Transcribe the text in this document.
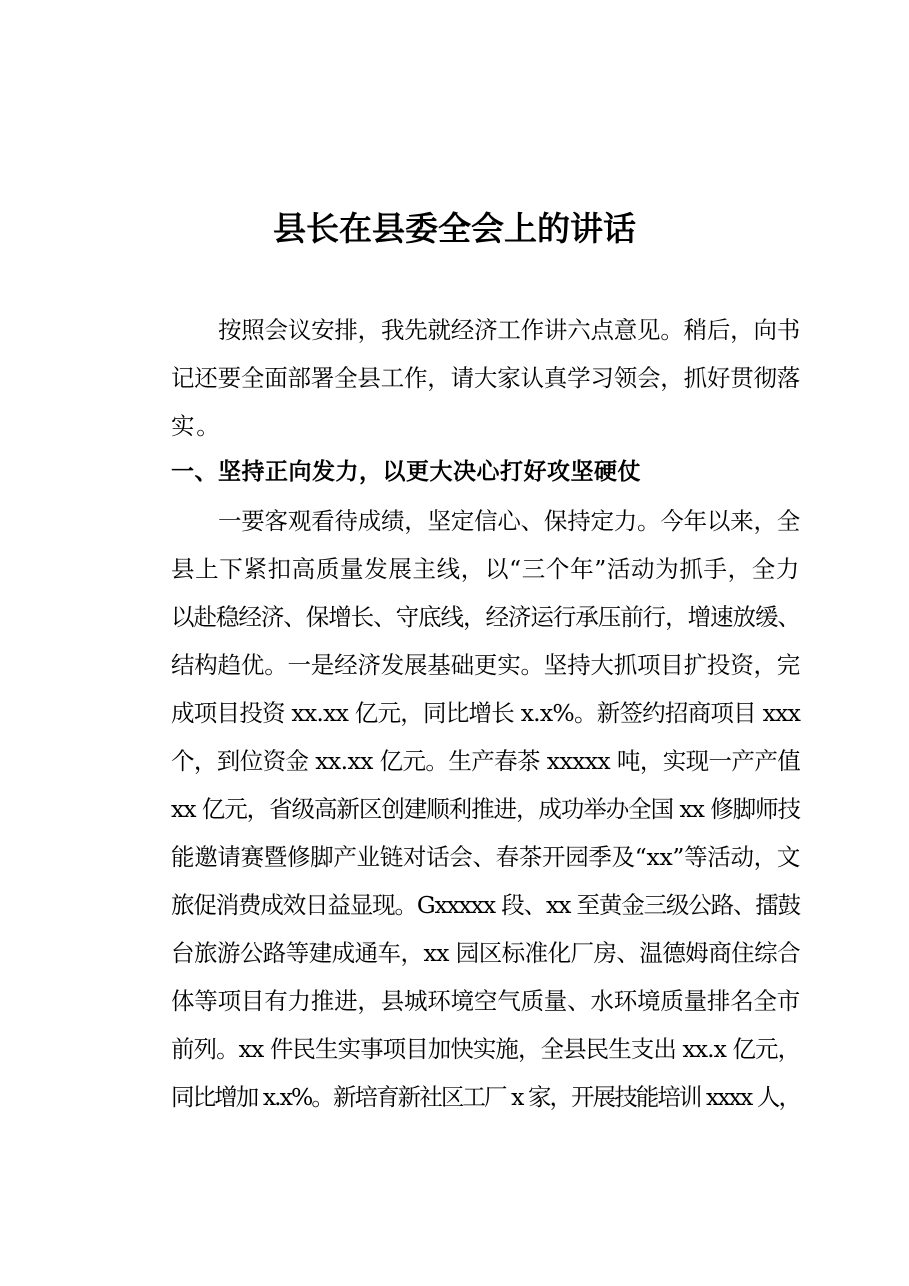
县长在县委全会上的讲话
按照会议安排，我先就经济工作讲六点意见。稍后，向书
记还要全面部署全县工作，请大家认真学习领会，抓好贯彻落
实。
一、坚持正向发力，以更大决心打好攻坚硬仗
一要客观看待成绩，坚定信心、保持定力。今年以来，全
县上下紧扣高质量发展主线，以“三个年”活动为抓手，全力
以赴稳经济、保增长、守底线，经济运行承压前行，增速放缓、
结构趋优。一是经济发展基础更实。坚持大抓项目扩投资，完
成项目投资 xx.xx 亿元，同比增长 x.x%。新签约招商项目 xxx
个，到位资金 xx.xx 亿元。生产春茶 xxxxx 吨，实现一产产值
xx 亿元，省级高新区创建顺利推进，成功举办全国 xx 修脚师技
能邀请赛暨修脚产业链对话会、春茶开园季及“xx”等活动，文
旅促消费成效日益显现。Gxxxxx 段、xx 至黄金三级公路、擂鼓
台旅游公路等建成通车，xx 园区标准化厂房、温德姆商住综合
体等项目有力推进，县城环境空气质量、水环境质量排名全市
前列。xx 件民生实事项目加快实施，全县民生支出 xx.x 亿元，
同比增加 x.x%。新培育新社区工厂 x 家，开展技能培训 xxxx 人，
